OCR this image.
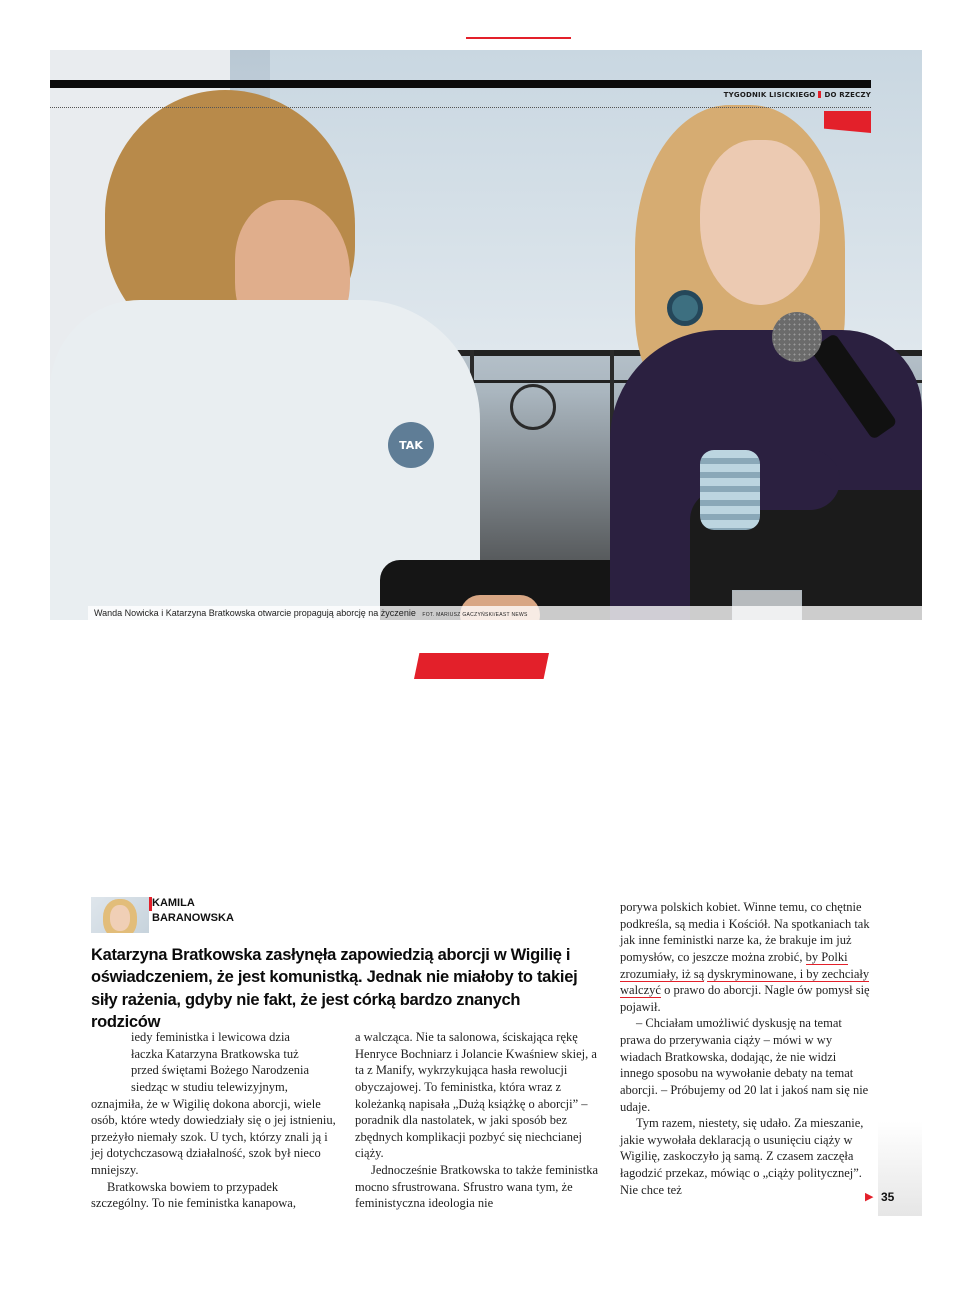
TAK
TYGODNIK LISICKIEGO DO RZECZY
Wanda Nowicka i Katarzyna Bratkowska otwarcie propagują aborcję na życzenie FOT. MARIUSZ GACZYŃSKI/EAST NEWS
KAMILA
BARANOWSKA
Katarzyna Bratkowska zasłynęła zapowiedzią aborcji w Wigilię i oświadczeniem, że jest komunistką. Jednak nie miałoby to takiej siły rażenia, gdyby nie fakt, że jest córką bardzo znanych rodziców

iedy feministka i lewicowa dzia
łaczka Katarzyna Bratkowska tuż
przed świętami Bożego Narodzenia
siedząc w studiu telewizyjnym,
oznajmiła, że w Wigilię dokona aborcji, wiele osób, które wtedy dowiedziały się o jej istnieniu, przeżyło niemały szok. U tych, którzy znali ją i jej dotychczasową działalność, szok był nieco mniejszy.

Bratkowska bowiem to przypadek szczególny. To nie feministka kanapowa,

a walcząca. Nie ta salonowa, ściskająca rękę Henryce Bochniarz i Jolancie Kwaśniew skiej, a ta z Manify, wykrzykująca hasła rewolucji obyczajowej. To feministka, która wraz z koleżanką napisała „Dużą książkę o aborcji” – poradnik dla nastolatek, w jaki sposób bez zbędnych komplikacji pozbyć się niechcianej ciąży.

Jednocześnie Bratkowska to także feministka mocno sfrustrowana. Sfrustro wana tym, że feministyczna ideologia nie

porywa polskich kobiet. Winne temu, co chętnie podkreśla, są media i Kościół. Na spotkaniach tak jak inne feministki narze ka, że brakuje im już pomysłów, co jeszcze można zrobić, by Polki zrozumiały, iż są dyskryminowane, i by zechciały walczyć o prawo do aborcji. Nagle ów pomysł się pojawił.

– Chciałam umożliwić dyskusję na temat prawa do przerywania ciąży – mówi w wy wiadach Bratkowska, dodając, że nie widzi innego sposobu na wywołanie debaty na temat aborcji. – Próbujemy od 20 lat i jakoś nam się nie udaje.

Tym razem, niestety, się udało. Za mieszanie, jakie wywołała deklaracją o usunięciu ciąży w Wigilię, zaskoczyło ją samą. Z czasem zaczęła łagodzić przekaz, mówiąc o „ciąży politycznej”. Nie chce też	▶ 35
